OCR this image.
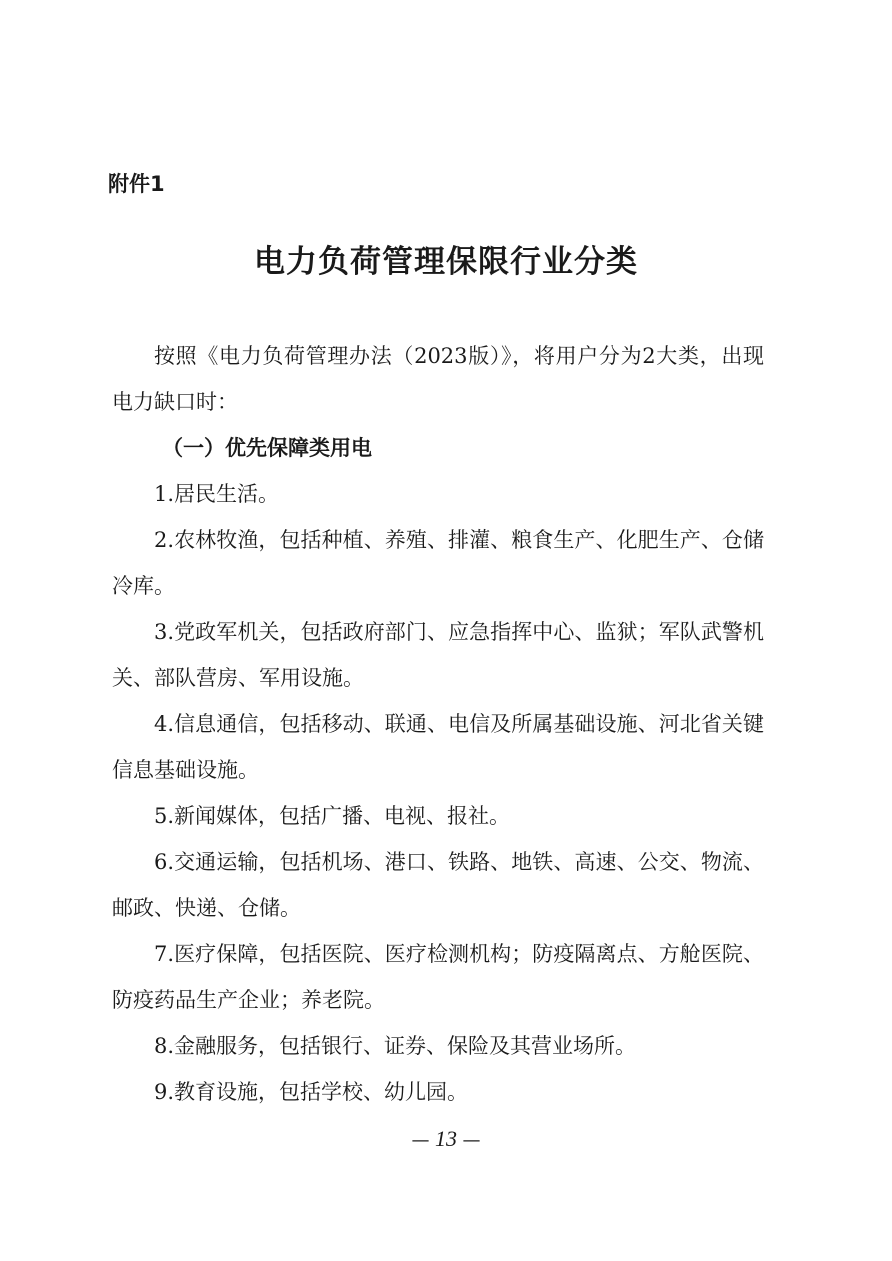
附件1
电力负荷管理保限行业分类

按照《电力负荷管理办法（2023版）》，将用户分为2大类，出现电力缺口时：

（一）优先保障类用电

1.居民生活。

2.农林牧渔，包括种植、养殖、排灌、粮食生产、化肥生产、仓储冷库。

3.党政军机关，包括政府部门、应急指挥中心、监狱；军队武警机关、部队营房、军用设施。

4.信息通信，包括移动、联通、电信及所属基础设施、河北省关键信息基础设施。

5.新闻媒体，包括广播、电视、报社。

6.交通运输，包括机场、港口、铁路、地铁、高速、公交、物流、邮政、快递、仓储。

7.医疗保障，包括医院、医疗检测机构；防疫隔离点、方舱医院、防疫药品生产企业；养老院。

8.金融服务，包括银行、证券、保险及其营业场所。

9.教育设施，包括学校、幼儿园。

— 13 —
